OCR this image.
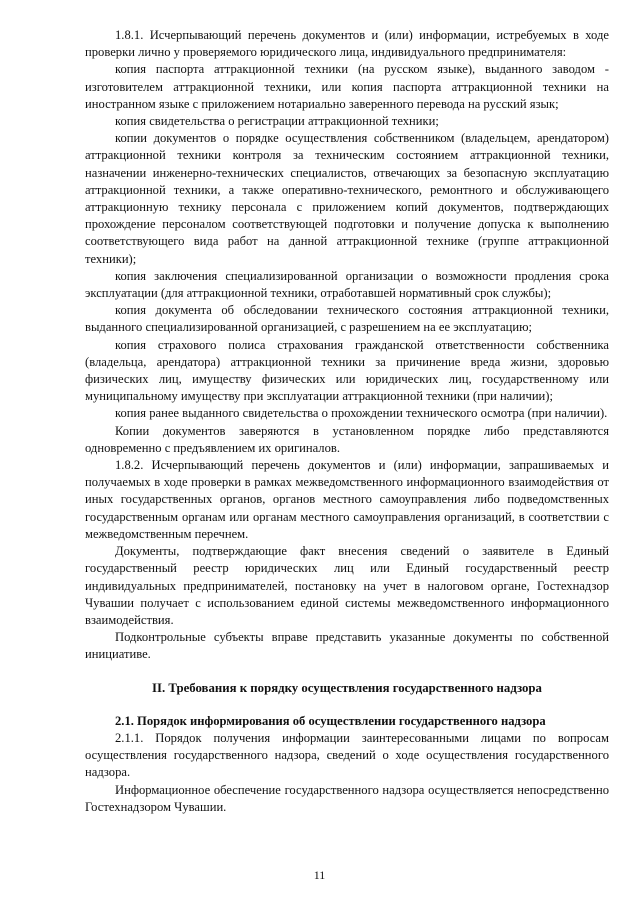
1.8.1. Исчерпывающий перечень документов и (или) информации, истребуемых в ходе проверки лично у проверяемого юридического лица, индивидуального предпринимателя:

копия паспорта аттракционной техники (на русском языке), выданного заводом - изготовителем аттракционной техники, или копия паспорта аттракционной техники на иностранном языке с приложением нотариально заверенного перевода на русский язык;

копия свидетельства о регистрации аттракционной техники;

копии документов о порядке осуществления собственником (владельцем, арендатором) аттракционной техники контроля за техническим состоянием аттракционной техники, назначении инженерно-технических специалистов, отвечающих за безопасную эксплуатацию аттракционной техники, а также оперативно-технического, ремонтного и обслуживающего аттракционную технику персонала с приложением копий документов, подтверждающих прохождение персоналом соответствующей подготовки и получение допуска к выполнению соответствующего вида работ на данной аттракционной технике (группе аттракционной техники);

копия заключения специализированной организации о возможности продления срока эксплуатации (для аттракционной техники, отработавшей нормативный срок службы);

копия документа об обследовании технического состояния аттракционной техники, выданного специализированной организацией, с разрешением на ее эксплуатацию;

копия страхового полиса страхования гражданской ответственности собственника (владельца, арендатора) аттракционной техники за причинение вреда жизни, здоровью физических лиц, имуществу физических или юридических лиц, государственному или муниципальному имуществу при эксплуатации аттракционной техники (при наличии);

копия ранее выданного свидетельства о прохождении технического осмотра (при наличии).

Копии документов заверяются в установленном порядке либо представляются одновременно с предъявлением их оригиналов.

1.8.2. Исчерпывающий перечень документов и (или) информации, запрашиваемых и получаемых в ходе проверки в рамках межведомственного информационного взаимодействия от иных государственных органов, органов местного самоуправления либо подведомственных государственным органам или органам местного самоуправления организаций, в соответствии с межведомственным перечнем.

Документы, подтверждающие факт внесения сведений о заявителе в Единый государственный реестр юридических лиц или Единый государственный реестр индивидуальных предпринимателей, постановку на учет в налоговом органе, Гостехнадзор Чувашии получает с использованием единой системы межведомственного информационного взаимодействия.

Подконтрольные субъекты вправе представить указанные документы по собственной инициативе.

II. Требования к порядку осуществления государственного надзора

2.1. Порядок информирования об осуществлении государственного надзора

2.1.1. Порядок получения информации заинтересованными лицами по вопросам осуществления государственного надзора, сведений о ходе осуществления государственного надзора.

Информационное обеспечение государственного надзора осуществляется непосредственно Гостехнадзором Чувашии.

11
